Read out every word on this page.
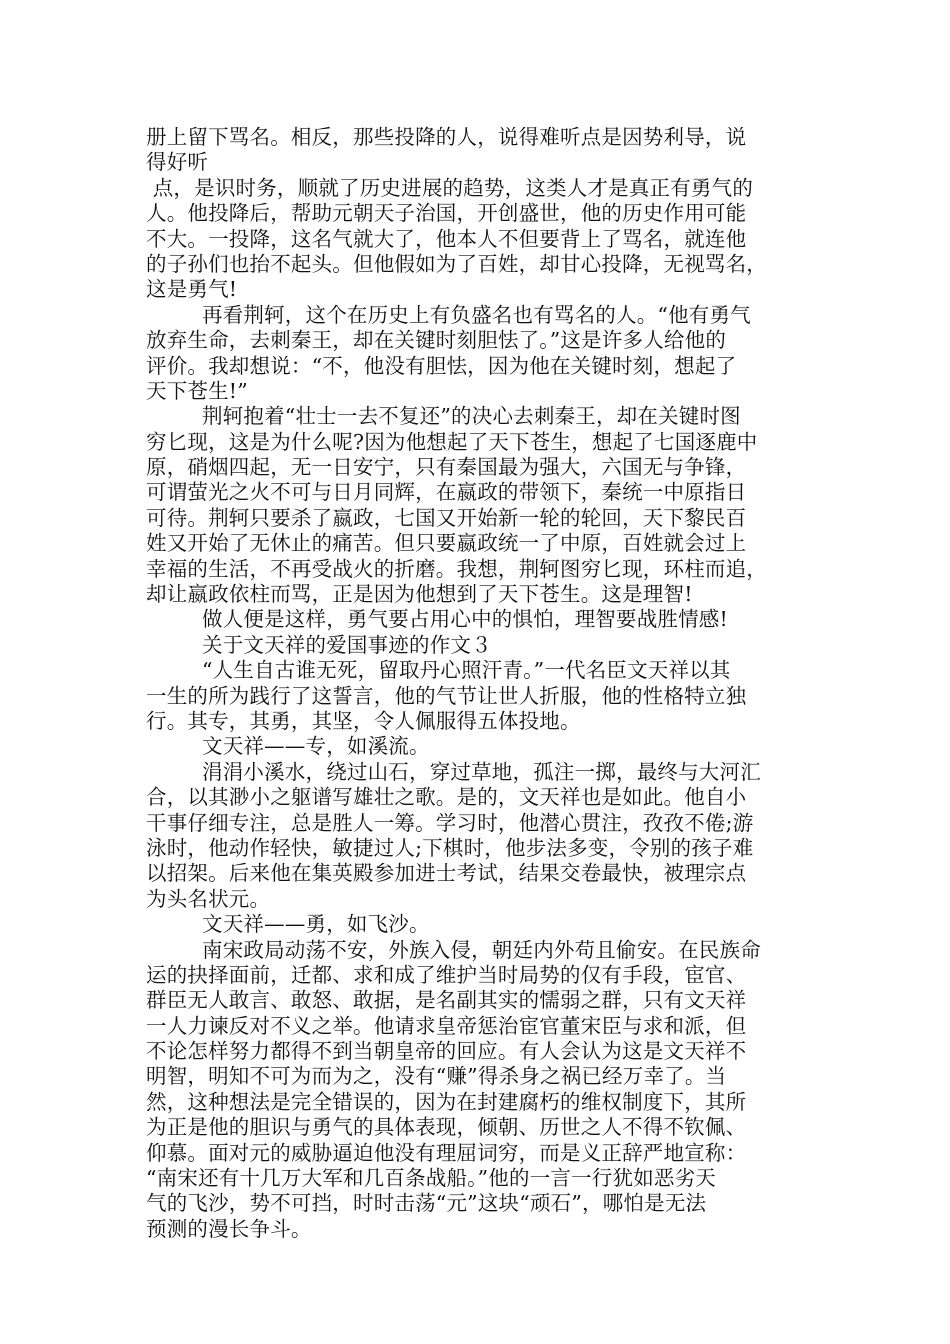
册上留下骂名。相反，那些投降的人，说得难听点是因势利导，说
得好听
点，是识时务，顺就了历史进展的趋势，这类人才是真正有勇气的
人。他投降后，帮助元朝天子治国，开创盛世，他的历史作用可能
不大。一投降，这名气就大了，他本人不但要背上了骂名，就连他
的子孙们也抬不起头。但他假如为了百姓，却甘心投降，无视骂名，
这是勇气!
再看荆轲，这个在历史上有负盛名也有骂名的人。“他有勇气
放弃生命，去刺秦王，却在关键时刻胆怯了。”这是许多人给他的
评价。我却想说：“不，他没有胆怯，因为他在关键时刻，想起了
天下苍生!”
荆轲抱着“壮士一去不复还”的决心去刺秦王，却在关键时图
穷匕现，这是为什么呢?因为他想起了天下苍生，想起了七国逐鹿中
原，硝烟四起，无一日安宁，只有秦国最为强大，六国无与争锋，
可谓萤光之火不可与日月同辉，在嬴政的带领下，秦统一中原指日
可待。荆轲只要杀了嬴政，七国又开始新一轮的轮回，天下黎民百
姓又开始了无休止的痛苦。但只要嬴政统一了中原，百姓就会过上
幸福的生活，不再受战火的折磨。我想，荆轲图穷匕现，环柱而追，
却让嬴政依柱而骂，正是因为他想到了天下苍生。这是理智!
做人便是这样，勇气要占用心中的惧怕，理智要战胜情感!
关于文天祥的爱国事迹的作文３
“人生自古谁无死，留取丹心照汗青。”一代名臣文天祥以其
一生的所为践行了这誓言，他的气节让世人折服，他的性格特立独
行。其专，其勇，其坚，令人佩服得五体投地。
文天祥——专，如溪流。
涓涓小溪水，绕过山石，穿过草地，孤注一掷，最终与大河汇
合，以其渺小之躯谱写雄壮之歌。是的，文天祥也是如此。他自小
干事仔细专注，总是胜人一筹。学习时，他潜心贯注，孜孜不倦;游
泳时，他动作轻快，敏捷过人;下棋时，他步法多变，令别的孩子难
以招架。后来他在集英殿参加进士考试，结果交卷最快，被理宗点
为头名状元。
文天祥——勇，如飞沙。
南宋政局动荡不安，外族入侵，朝廷内外苟且偷安。在民族命
运的抉择面前，迁都、求和成了维护当时局势的仅有手段，宦官、
群臣无人敢言、敢怒、敢据，是名副其实的懦弱之群，只有文天祥
一人力谏反对不义之举。他请求皇帝惩治宦官董宋臣与求和派，但
不论怎样努力都得不到当朝皇帝的回应。有人会认为这是文天祥不
明智，明知不可为而为之，没有“赚”得杀身之祸已经万幸了。当
然，这种想法是完全错误的，因为在封建腐朽的维权制度下，其所
为正是他的胆识与勇气的具体表现，倾朝、历世之人不得不钦佩、
仰慕。面对元的威胁逼迫他没有理屈词穷，而是义正辞严地宣称：
“南宋还有十几万大军和几百条战船。”他的一言一行犹如恶劣天
气的飞沙，势不可挡，时时击荡“元”这块“顽石”，哪怕是无法
预测的漫长争斗。
